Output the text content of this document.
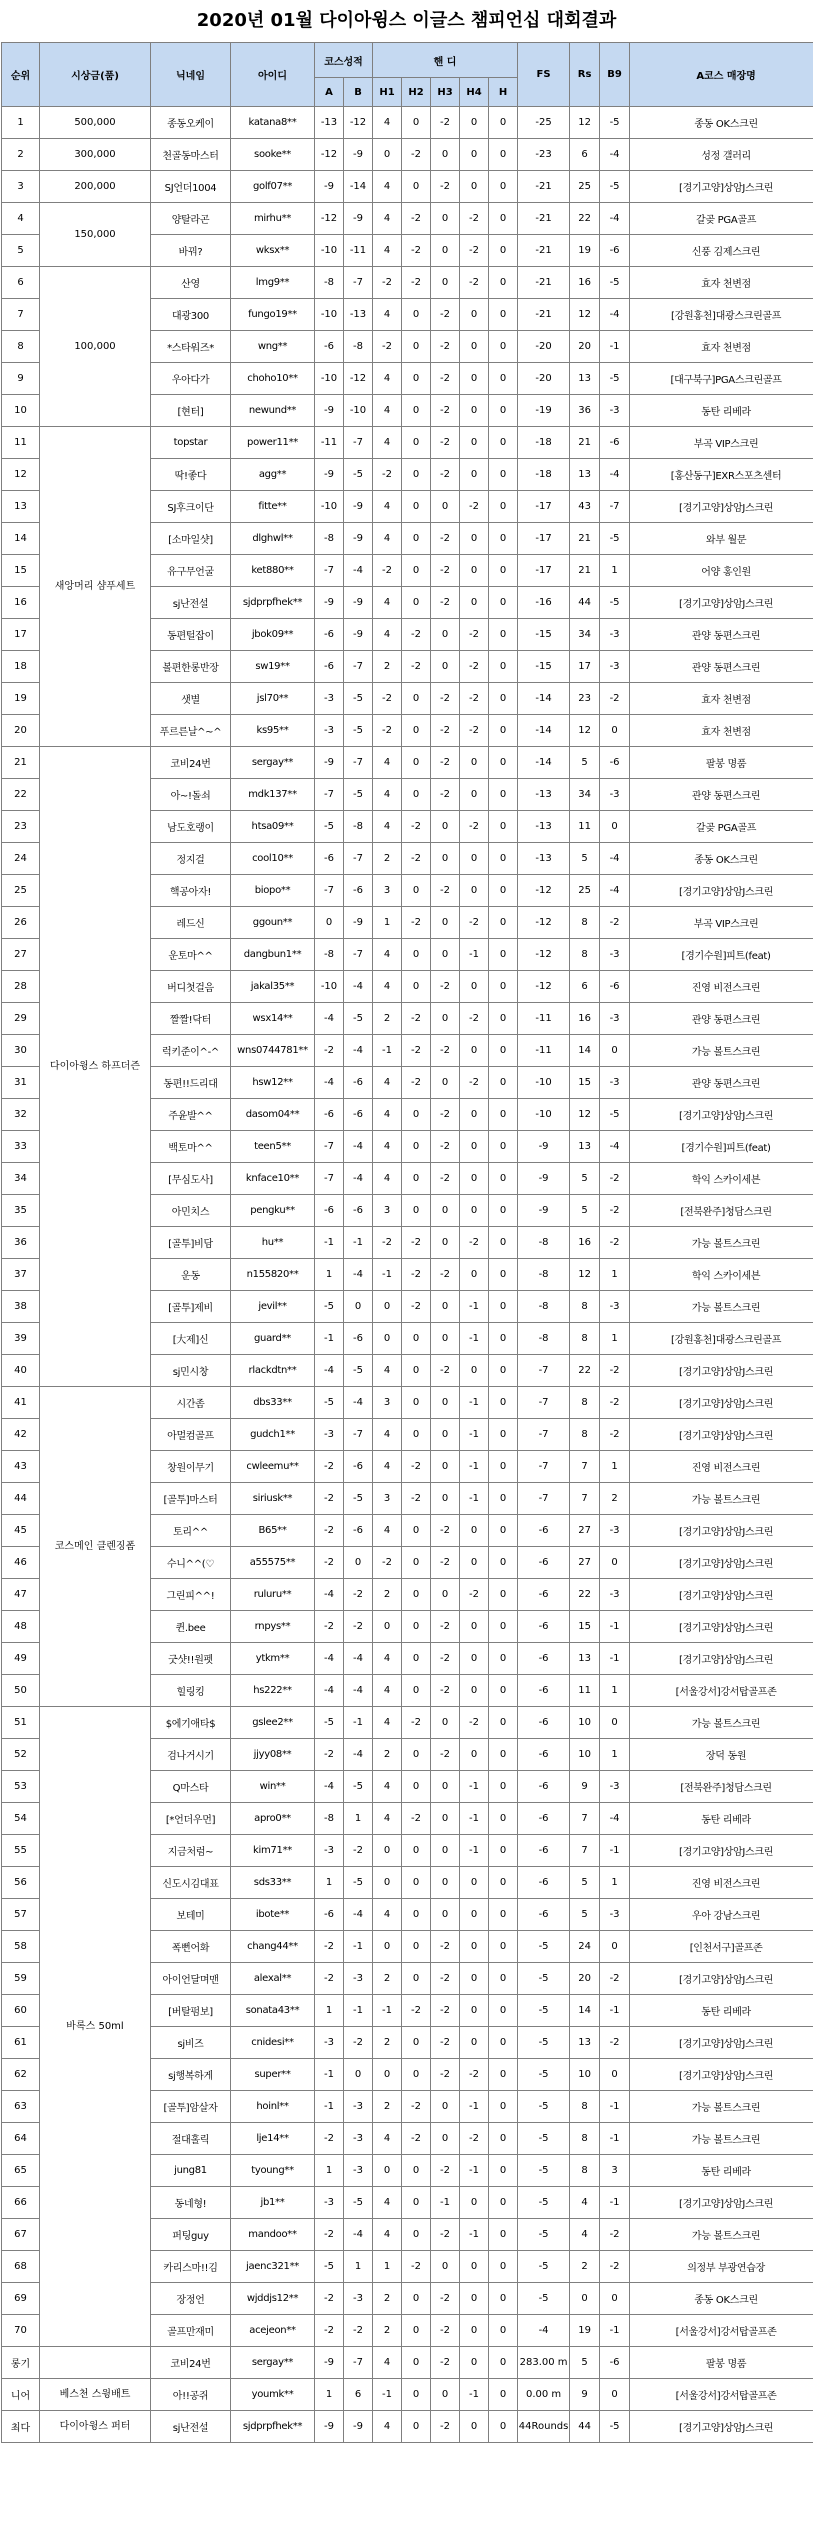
2020년 01월 다이아윙스 이글스 챔피언십 대회결과
순위	시상금(품)	닉네임	아이디	코스성적		핸 디					FS	Rs	B9	A코스 매장명
				A	B	H1	H2	H3	H4	H				
1	500,000	종동오케이	katana8**	-13	-12	4	0	-2	0	0	-25	12	-5	종동 OK스크린
2	300,000	천골동마스터	sooke**	-12	-9	0	-2	0	0	0	-23	6	-4	성정 갤러리
3	200,000	SJ언더1004	golf07**	-9	-14	4	0	-2	0	0	-21	25	-5	[경기고양]상암J스크린
4	150,000	양탈라곤	mirhu**	-12	-9	4	-2	0	-2	0	-21	22	-4	갈곶 PGA골프
5		바꿔?	wksx**	-10	-11	4	-2	0	-2	0	-21	19	-6	신풍 김제스크린
6	100,000	산영	lmg9**	-8	-7	-2	-2	0	-2	0	-21	16	-5	효자 천변점
7		대광300	fungo19**	-10	-13	4	0	-2	0	0	-21	12	-4	[강원홍천]대광스크린골프
8		*스타워즈*	wng**	-6	-8	-2	0	-2	0	0	-20	20	-1	효자 천변점
9		우아다가	choho10**	-10	-12	4	0	-2	0	0	-20	13	-5	[대구북구]PGA스크린골프
10		[현터]	newund**	-9	-10	4	0	-2	0	0	-19	36	-3	동탄 리베라
11	새앙머리 샴푸세트	topstar	power11**	-11	-7	4	0	-2	0	0	-18	21	-6	부곡 VIP스크린
12		딱!좋다	agg**	-9	-5	-2	0	-2	0	0	-18	13	-4	[홍산동구]EXR스포츠센터
13		SJ후크이단	fitte**	-10	-9	4	0	0	-2	0	-17	43	-7	[경기고양]상암J스크린
14		[소마일샷]	dlghwl**	-8	-9	4	0	-2	0	0	-17	21	-5	와부 월문
15		유구무언굴	ket880**	-7	-4	-2	0	-2	0	0	-17	21	1	어양 홍인원
16		sj난전설	sjdprpfhek**	-9	-9	4	0	-2	0	0	-16	44	-5	[경기고양]상암J스크린
17		동편털잡이	jbok09**	-6	-9	4	-2	0	-2	0	-15	34	-3	관양 동편스크린
18		볼편한롱반장	sw19**	-6	-7	2	-2	0	-2	0	-15	17	-3	관양 동편스크린
19		샛별	jsl70**	-3	-5	-2	0	-2	-2	0	-14	23	-2	효자 천변점
20		푸르른날^~^	ks95**	-3	-5	-2	0	-2	-2	0	-14	12	0	효자 천변점
21	다이아윙스 하프더즌	코비24번	sergay**	-9	-7	4	0	-2	0	0	-14	5	-6	팔봉 명품
22		아~!돌쇠	mdk137**	-7	-5	4	0	-2	0	0	-13	34	-3	관양 동편스크린
23		남도호랭이	htsa09**	-5	-8	4	-2	0	-2	0	-13	11	0	갈곶 PGA골프
24		정지걸	cool10**	-6	-7	2	-2	0	0	0	-13	5	-4	종동 OK스크린
25		핵공아자!	biopo**	-7	-6	3	0	-2	0	0	-12	25	-4	[경기고양]상암J스크린
26		레드신	ggoun**	0	-9	1	-2	0	-2	0	-12	8	-2	부곡 VIP스크린
27		운토마^^	dangbun1**	-8	-7	4	0	0	-1	0	-12	8	-3	[경기수원]피트(feat)
28		버디첫걸음	jakal35**	-10	-4	4	0	-2	0	0	-12	6	-6	진영 비전스크린
29		짤짤!닥터	wsx14**	-4	-5	2	-2	0	-2	0	-11	16	-3	관양 동편스크린
30		럭키준이^-^	wns0744781**	-2	-4	-1	-2	-2	0	0	-11	14	0	가능 볼트스크린
31		동편!!드리대	hsw12**	-4	-6	4	-2	0	-2	0	-10	15	-3	관양 동편스크린
32		주윤발^^	dasom04**	-6	-6	4	0	-2	0	0	-10	12	-5	[경기고양]상암J스크린
33		백토마^^	teen5**	-7	-4	4	0	-2	0	0	-9	13	-4	[경기수원]피트(feat)
34		[무심도사]	knface10**	-7	-4	4	0	-2	0	0	-9	5	-2	학익 스카이세븐
35		아민치스	pengku**	-6	-6	3	0	0	0	0	-9	5	-2	[전북완주]청담스크린
36		[골투]비담	hu**	-1	-1	-2	-2	0	-2	0	-8	16	-2	가능 볼트스크린
37		운동	n155820**	1	-4	-1	-2	-2	0	0	-8	12	1	학익 스카이세븐
38		[골투]제비	jevil**	-5	0	0	-2	0	-1	0	-8	8	-3	가능 볼트스크린
39		[大제]신	guard**	-1	-6	0	0	0	-1	0	-8	8	1	[강원홍천]대광스크린골프
40		sj민시창	rlackdtn**	-4	-5	4	0	-2	0	0	-7	22	-2	[경기고양]상암J스크린
41	코스메인 클렌징폼	시간좀	dbs33**	-5	-4	3	0	0	-1	0	-7	8	-2	[경기고양]상암J스크린
42		아멀컴골프	gudch1**	-3	-7	4	0	0	-1	0	-7	8	-2	[경기고양]상암J스크린
43		창원이무기	cwleemu**	-2	-6	4	-2	0	-1	0	-7	7	1	진영 비전스크린
44		[골투]마스터	siriusk**	-2	-5	3	-2	0	-1	0	-7	7	2	가능 볼트스크린
45		토리^^	B65**	-2	-6	4	0	-2	0	0	-6	27	-3	[경기고양]상암J스크린
46		수니^^(♡	a55575**	-2	0	-2	0	-2	0	0	-6	27	0	[경기고양]상암J스크린
47		그린피^^!	ruluru**	-4	-2	2	0	0	-2	0	-6	22	-3	[경기고양]상암J스크린
48		퀸.bee	rnpys**	-2	-2	0	0	-2	0	0	-6	15	-1	[경기고양]상암J스크린
49		굿샷!!원펫	ytkm**	-4	-4	4	0	-2	0	0	-6	13	-1	[경기고양]상암J스크린
50		힐링킹	hs222**	-4	-4	4	0	-2	0	0	-6	11	1	[서울강서]강서탑골프존
51	바록스 50ml	$에기애타$	gslee2**	-5	-1	4	-2	0	-2	0	-6	10	0	가능 볼트스크린
52		검나거시기	jjyy08**	-2	-4	2	0	-2	0	0	-6	10	1	장덕 동원
53		Q마스타	win**	-4	-5	4	0	0	-1	0	-6	9	-3	[전북완주]청담스크린
54		[*언더우먼]	apro0**	-8	1	4	-2	0	-1	0	-6	7	-4	동탄 리베라
55		지금처럼~	kim71**	-3	-2	0	0	0	-1	0	-6	7	-1	[경기고양]상암J스크린
56		신도시김대표	sds33**	1	-5	0	0	0	0	0	-6	5	1	진영 비전스크린
57		보테미	ibote**	-6	-4	4	0	0	0	0	-6	5	-3	우아 강남스크린
58		폭뻔어화	chang44**	-2	-1	0	0	-2	0	0	-5	24	0	[인천서구]골프존
59		아이언달며맨	alexal**	-2	-3	2	0	-2	0	0	-5	20	-2	[경기고양]상암J스크린
60		[버탈펌보]	sonata43**	1	-1	-1	-2	-2	0	0	-5	14	-1	동탄 리베라
61		sj비즈	cnidesi**	-3	-2	2	0	-2	0	0	-5	13	-2	[경기고양]상암J스크린
62		sj행복하게	super**	-1	0	0	0	-2	-2	0	-5	10	0	[경기고양]상암J스크린
63		[골투]암살자	hoinl**	-1	-3	2	-2	0	-1	0	-5	8	-1	가능 볼트스크린
64		절대홀릭	lje14**	-2	-3	4	-2	0	-2	0	-5	8	-1	가능 볼트스크린
65		jung81	tyoung**	1	-3	0	0	-2	-1	0	-5	8	3	동탄 리베라
66		동네형!	jb1**	-3	-5	4	0	-1	0	0	-5	4	-1	[경기고양]상암J스크린
67		퍼팅guy	mandoo**	-2	-4	4	0	-2	-1	0	-5	4	-2	가능 볼트스크린
68		카리스마!!김	jaenc321**	-5	1	1	-2	0	0	0	-5	2	-2	의정부 부광연습장
69		장정언	wjddjs12**	-2	-3	2	0	-2	0	0	-5	0	0	종동 OK스크린
70		골프만재미	acejeon**	-2	-2	2	0	-2	0	0	-4	19	-1	[서울강서]강서탑골프존
롱기		코비24번	sergay**	-9	-7	4	0	-2	0	0	283.00 m	5	-6	팔봉 명품
니어	베스천 스윙배트	아!!공쥐	youmk**	1	6	-1	0	0	-1	0	0.00 m	9	0	[서울강서]강서탑골프존
최다	다이아윙스 퍼터	sj난전설	sjdprpfhek**	-9	-9	4	0	-2	0	0	44Rounds	44	-5	[경기고양]상암J스크린
